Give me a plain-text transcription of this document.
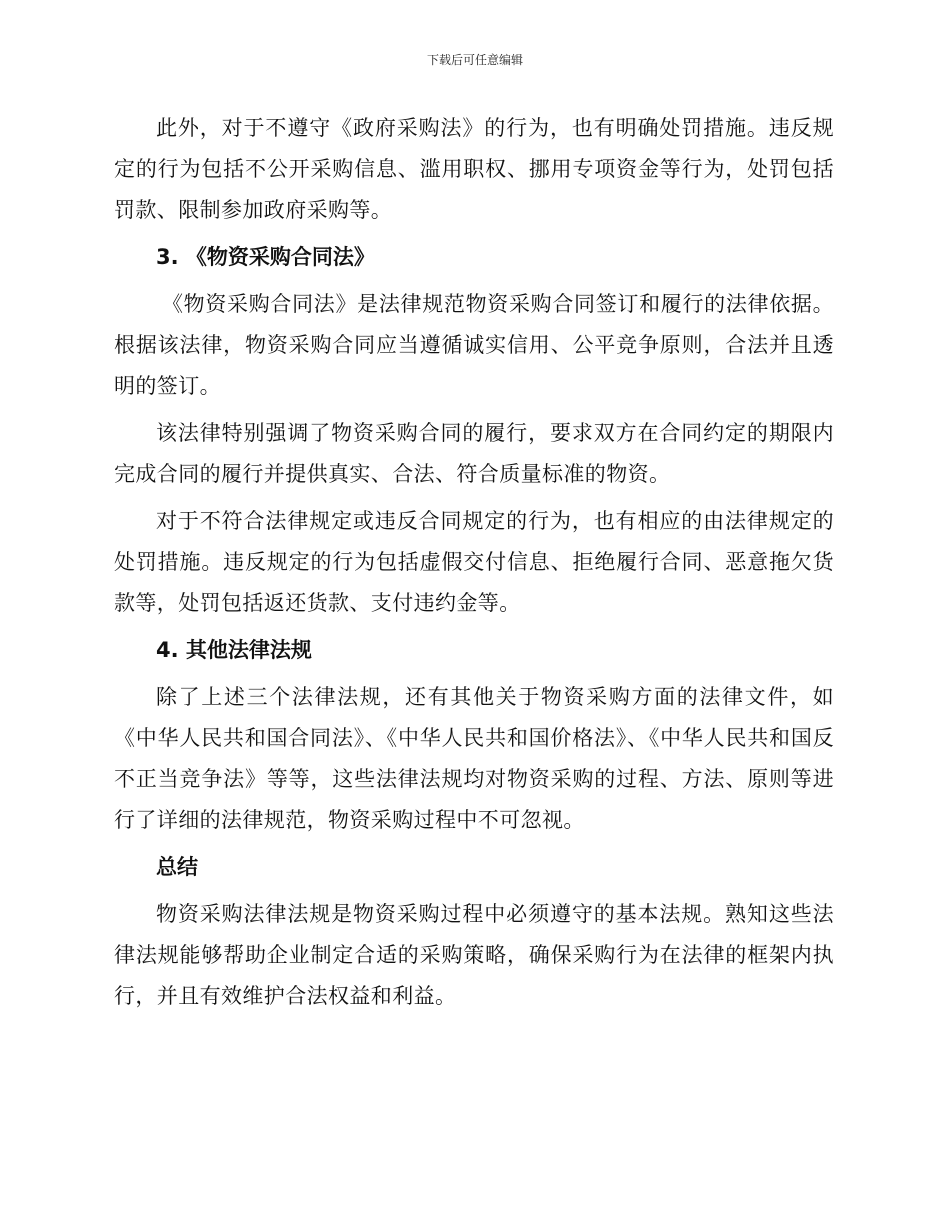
下载后可任意编辑

此外，对于不遵守《政府采购法》的行为，也有明确处罚措施。违反规定的行为包括不公开采购信息、滥用职权、挪用专项资金等行为，处罚包括罚款、限制参加政府采购等。

3. 《物资采购合同法》

《物资采购合同法》是法律规范物资采购合同签订和履行的法律依据。根据该法律，物资采购合同应当遵循诚实信用、公平竞争原则，合法并且透明的签订。

该法律特别强调了物资采购合同的履行，要求双方在合同约定的期限内完成合同的履行并提供真实、合法、符合质量标准的物资。

对于不符合法律规定或违反合同规定的行为，也有相应的由法律规定的处罚措施。违反规定的行为包括虚假交付信息、拒绝履行合同、恶意拖欠货款等，处罚包括返还货款、支付违约金等。

4. 其他法律法规

除了上述三个法律法规，还有其他关于物资采购方面的法律文件，如《中华人民共和国合同法》、《中华人民共和国价格法》、《中华人民共和国反不正当竞争法》等等，这些法律法规均对物资采购的过程、方法、原则等进行了详细的法律规范，物资采购过程中不可忽视。

总结

物资采购法律法规是物资采购过程中必须遵守的基本法规。熟知这些法律法规能够帮助企业制定合适的采购策略，确保采购行为在法律的框架内执行，并且有效维护合法权益和利益。
